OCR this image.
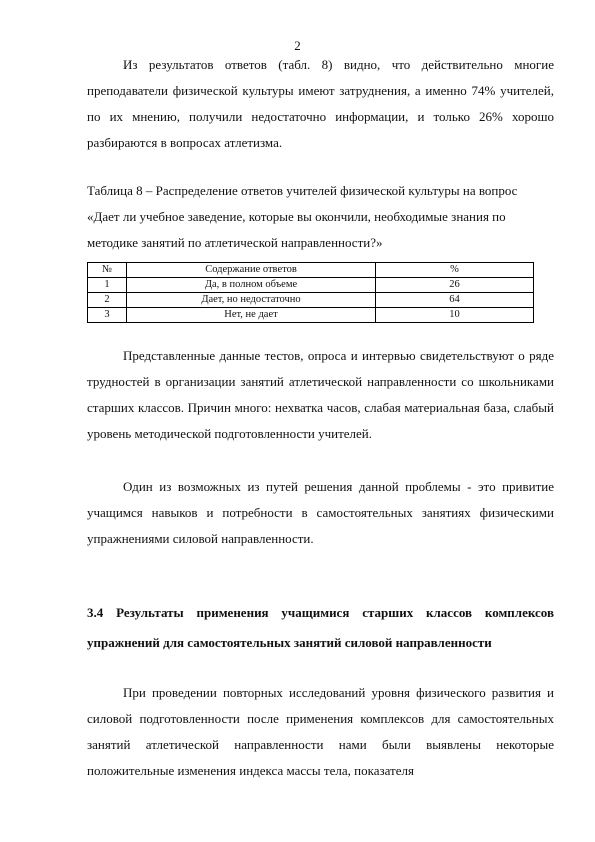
2

Из результатов ответов (табл. 8) видно, что действительно многие преподаватели физической культуры имеют затруднения, а именно 74% учителей, по их мнению, получили недостаточно информации, и только 26% хорошо разбираются в вопросах атлетизма.

Таблица 8 – Распределение ответов учителей физической культуры на вопрос
«Дает ли учебное заведение, которые вы окончили, необходимые знания по
методике занятий по атлетической направленности?»
№	Содержание ответов	%
1	Да, в полном объеме	26
2	Дает, но недостаточно	64
3	Нет, не дает	10

Представленные данные тестов, опроса и интервью свидетельствуют о ряде трудностей в организации занятий атлетической направленности со школьниками старших классов. Причин много: нехватка часов, слабая материальная база, слабый уровень методической подготовленности учителей.

Один из возможных из путей решения данной проблемы - это привитие учащимся навыков и потребности в самостоятельных занятиях физическими упражнениями силовой направленности.

3.4 Результаты применения учащимися старших классов комплексов упражнений для самостоятельных занятий силовой направленности

При проведении повторных исследований уровня физического развития и силовой подготовленности после применения комплексов для самостоятельных занятий атлетической направленности нами были выявлены некоторые положительные изменения индекса массы тела, показателя
